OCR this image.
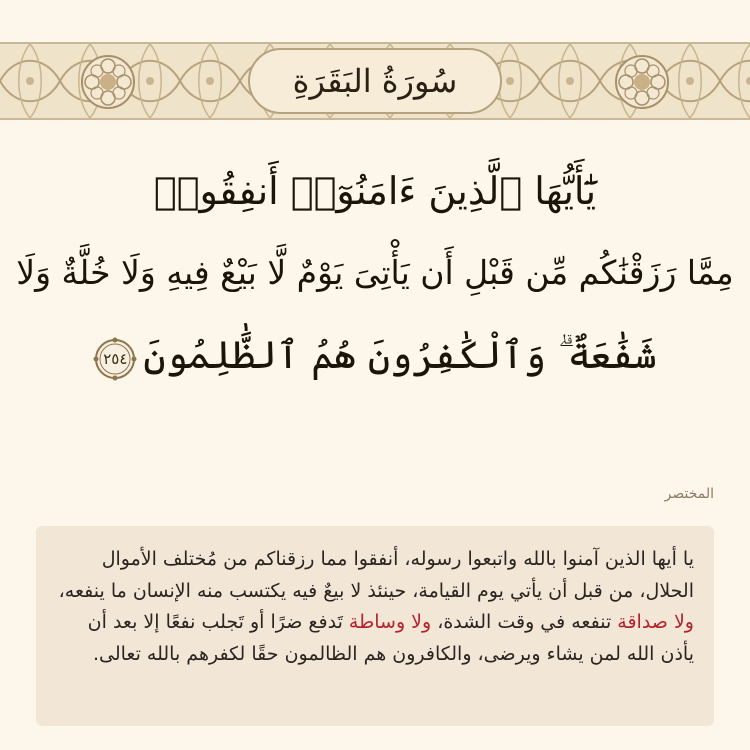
سُورَةُ البَقَرَةِ
يَٰٓأَيُّهَا ٱلَّذِينَ ءَامَنُوٓا۟ أَنفِقُوا۟
مِمَّا رَزَقْنَٰكُم مِّن قَبْلِ أَن يَأْتِىَ يَوْمٌ لَّا بَيْعٌ فِيهِ وَلَا خُلَّةٌ وَلَا
شَفَٰعَةٌ ۗ وَٱلْكَٰفِرُونَ هُمُ ٱلظَّٰلِمُونَ
٢٥٤
المختصر

يا أيها الذين آمنوا بالله واتبعوا رسوله، أنفقوا مما رزقناكم من مُختلف الأموال الحلال، من قبل أن يأتي يوم القيامة، حينئذ لا بيعٌ فيه يكتسب منه الإنسان ما ينفعه، ولا صداقة تنفعه في وقت الشدة، ولا وساطة تَدفع ضرًا أو تَجلب نفعًا إلا بعد أن يأذن الله لمن يشاء ويرضى، والكافرون هم الظالمون حقًا لكفرهم بالله تعالى.
